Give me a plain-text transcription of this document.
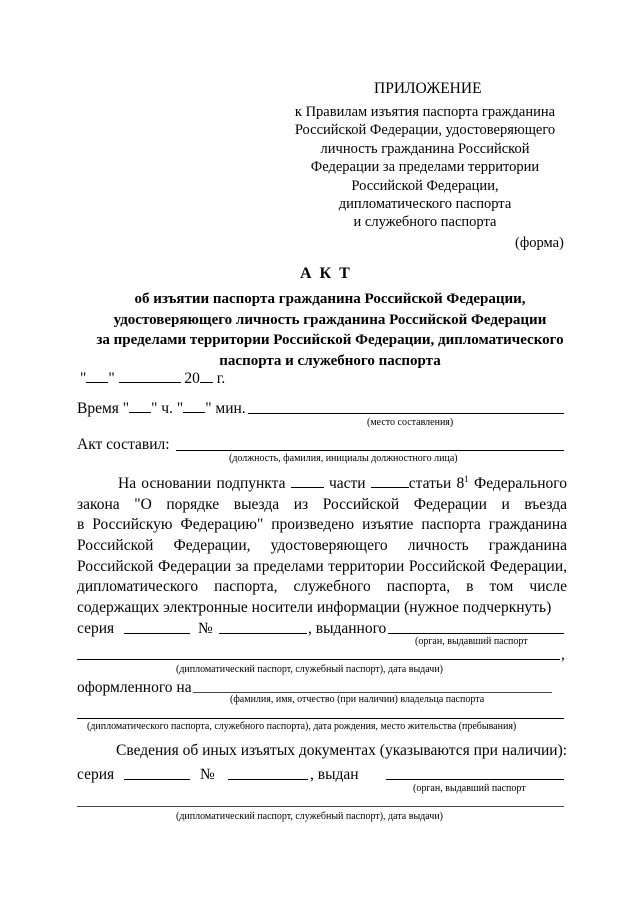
ПРИЛОЖЕНИЕ
к Правилам изъятия паспорта гражданина
Российской Федерации, удостоверяющего
личность гражданина Российской
Федерации за пределами территории
Российской Федерации,
дипломатического паспорта
и служебного паспорта
(форма)
А К Т
об изъятии паспорта гражданина Российской Федерации,
удостоверяющего личность гражданина Российской Федерации
за пределами территории Российской Федерации, дипломатического
паспорта и служебного паспорта
" "	20 г.
Время " " ч. " " мин.
(место составления)
Акт составил:
(должность, фамилия, инициалы должностного лица)
На основании подпункта	части	статьи $8^1$ Федерального
закона "О порядке выезда из Российской Федерации и въезда
в Российскую Федерацию" произведено изъятие паспорта гражданина
Российской Федерации, удостоверяющего личность гражданина
Российской Федерации за пределами территории Российской Федерации,
дипломатического паспорта, служебного паспорта, в том числе
содержащих электронные носители информации (нужное подчеркнуть)
серия	№	, выданного
(орган, выдавший паспорт
,
(дипломатический паспорт, служебный паспорт), дата выдачи)
оформленного на
(фамилия, имя, отчество (при наличии) владельца паспорта
(дипломатического паспорта, служебного паспорта), дата рождения, место жительства (пребывания)
Сведения об иных изъятых документах (указываются при наличии):
серия	№	, выдан
(орган, выдавший паспорт
(дипломатический паспорт, служебный паспорт), дата выдачи)
